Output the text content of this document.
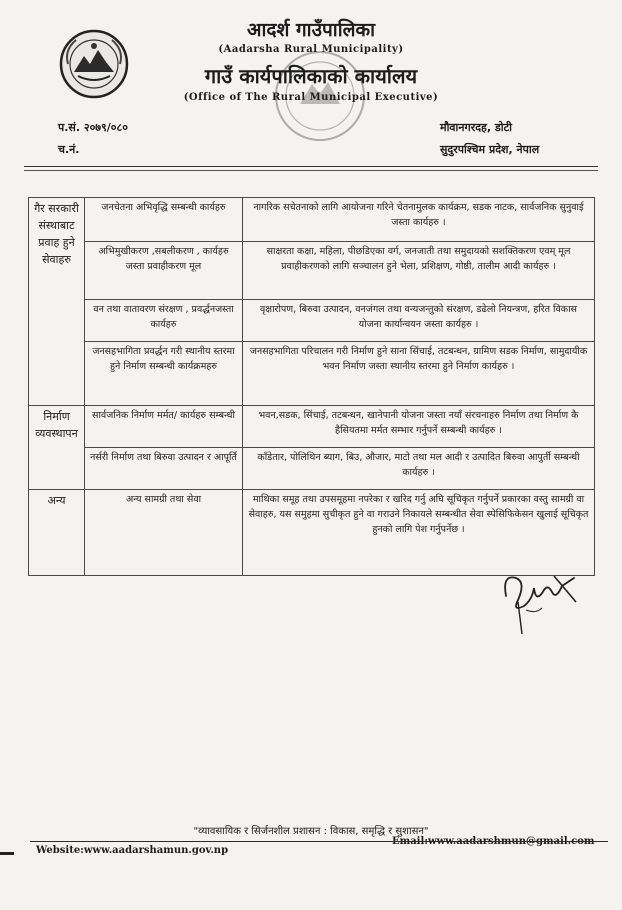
आदर्श गाउँपालिका
(Aadarsha Rural Municipality)
गाउँ कार्यपालिकाको कार्यालय
(Office of The Rural Municipal Executive)
प.सं. २०७९/०८०
च.नं.
मौवानगरदह, डोटी
सुदुरपश्चिम प्रदेश, नेपाल
गैर सरकारी संस्थाबाट प्रवाह हुने सेवाहरु	जनचेतना अभिवृद्धि सम्बन्धी कार्यहरु	नागरिक सचेतनाको लागि आयोजना गरिने चेतनामुलक कार्यक्रम, सडक नाटक, सार्वजनिक सुनुवाई जस्ता कार्यहरु ।
	अभिमुखीकरण ,सबलीकरण , कार्यहरु जस्ता प्रवाहीकरण मूल	साक्षरता कक्षा, महिला, पीछडिएका वर्ग, जनजाती तथा समुदायको सशक्तिकरण एवम् मूल प्रवाहीकरणको लागि सञ्चालन हुने भेला, प्रशिक्षण, गोष्ठी, तालीम आदी कार्यहरु ।
	वन तथा वातावरण संरक्षण , प्रवर्द्धनजस्ता कार्यहरु	वृक्षारोपण, बिरुवा उत्पादन, वनजंगल तथा वन्यजन्तुको संरक्षण, डढेलो नियन्त्रण, हरित विकास योजना कार्यान्वयन जस्ता कार्यहरु ।
	जनसहभागिता प्रवर्द्धन गरी स्थानीय स्तरमा हुने निर्माण सम्बन्धी कार्यक्रमहरु	जनसहभागिता परिचालन गरी निर्माण हुने साना सिंचाई, तटबन्धन, ग्रामिण सडक निर्माण, सामुदायीक भवन निर्माण जस्ता स्थानीय स्तरमा हुने निर्माण कार्यहरु ।
निर्माण व्यवस्थापन	सार्वजनिक निर्माण मर्मत/ कार्यहरु सम्बन्धी	भवन,सडक, सिंचाई, तटबन्धन, खानेपानी योजना जस्ता नयाँ संरचनाहरु निर्माण तथा निर्माण कै हैसियतमा मर्मत सम्भार गर्नुपर्ने सम्बन्धी कार्यहरु ।
	नर्सरी निर्माण तथा बिरुवा उत्पादन र आपूर्ति	काँडेतार, पोलिथिन ब्याग, बिउ, औजार, माटो तथा मल आदी र उत्पादित बिरुवा आपुर्ती सम्बन्धी कार्यहरु ।
अन्य	अन्य सामग्री तथा सेवा	माथिका समूह तथा उपसमूहमा नपरेका र खरिद गर्नु अघि सूचिकृत गर्नुपर्ने प्रकारका वस्तु सामग्री वा सेवाहरु, यस समुहमा सुचीकृत हुने वा गराउने निकायले सम्बन्धीत सेवा स्पेसिफिकेसन खुलाई सूचिकृत हुनको लागि पेश गर्नुपर्नेछ ।
"व्यावसायिक र सिर्जनशील प्रशासन : विकास, समृद्धि र सुशासन"
Email:www.aadarshmun@gmail.com
Website:www.aadarshamun.gov.np
